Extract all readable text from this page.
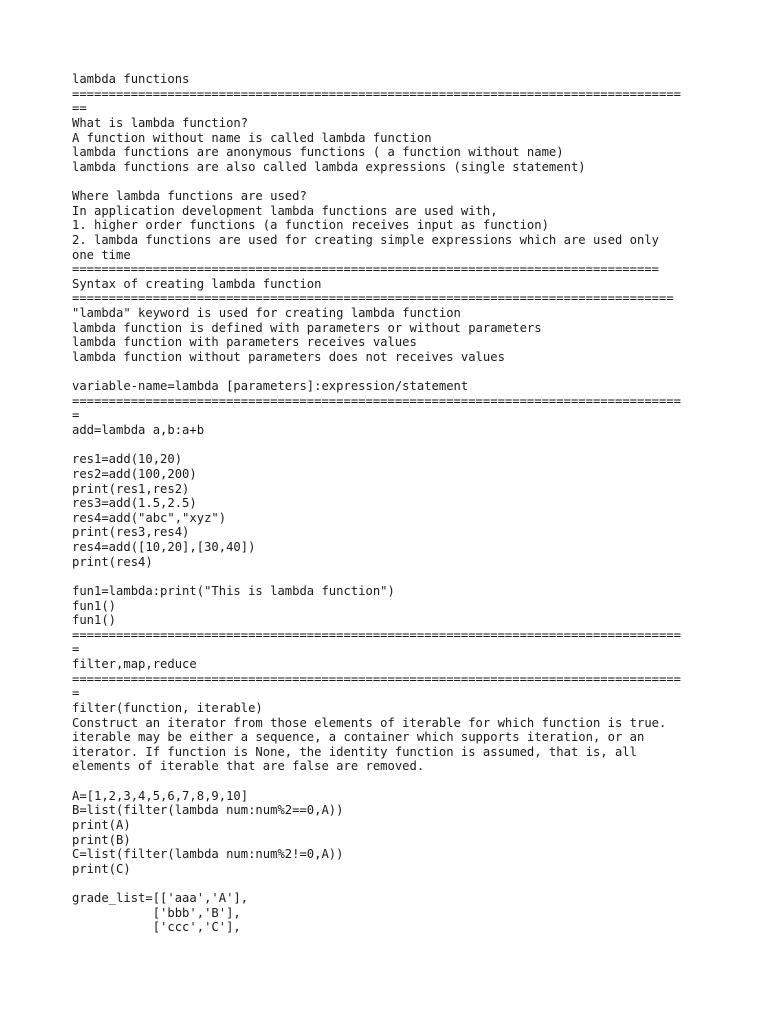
lambda functions
===================================================================================
==
What is lambda function?
A function without name is called lambda function
lambda functions are anonymous functions ( a function without name)
lambda functions are also called lambda expressions (single statement)
Where lambda functions are used?
In application development lambda functions are used with,
1. higher order functions (a function receives input as function)
2. lambda functions are used for creating simple expressions which are used only
one time
================================================================================
Syntax of creating lambda function
==================================================================================
"lambda" keyword is used for creating lambda function
lambda function is defined with parameters or without parameters
lambda function with parameters receives values
lambda function without parameters does not receives values
variable-name=lambda [parameters]:expression/statement
===================================================================================
=
add=lambda a,b:a+b
res1=add(10,20)
res2=add(100,200)
print(res1,res2)
res3=add(1.5,2.5)
res4=add("abc","xyz")
print(res3,res4)
res4=add([10,20],[30,40])
print(res4)
fun1=lambda:print("This is lambda function")
fun1()
fun1()
===================================================================================
=
filter,map,reduce
===================================================================================
=
filter(function, iterable)
Construct an iterator from those elements of iterable for which function is true.
iterable may be either a sequence, a container which supports iteration, or an
iterator. If function is None, the identity function is assumed, that is, all
elements of iterable that are false are removed.
A=[1,2,3,4,5,6,7,8,9,10]
B=list(filter(lambda num:num%2==0,A))
print(A)
print(B)
C=list(filter(lambda num:num%2!=0,A))
print(C)
grade_list=[['aaa','A'],
['bbb','B'],
['ccc','C'],
